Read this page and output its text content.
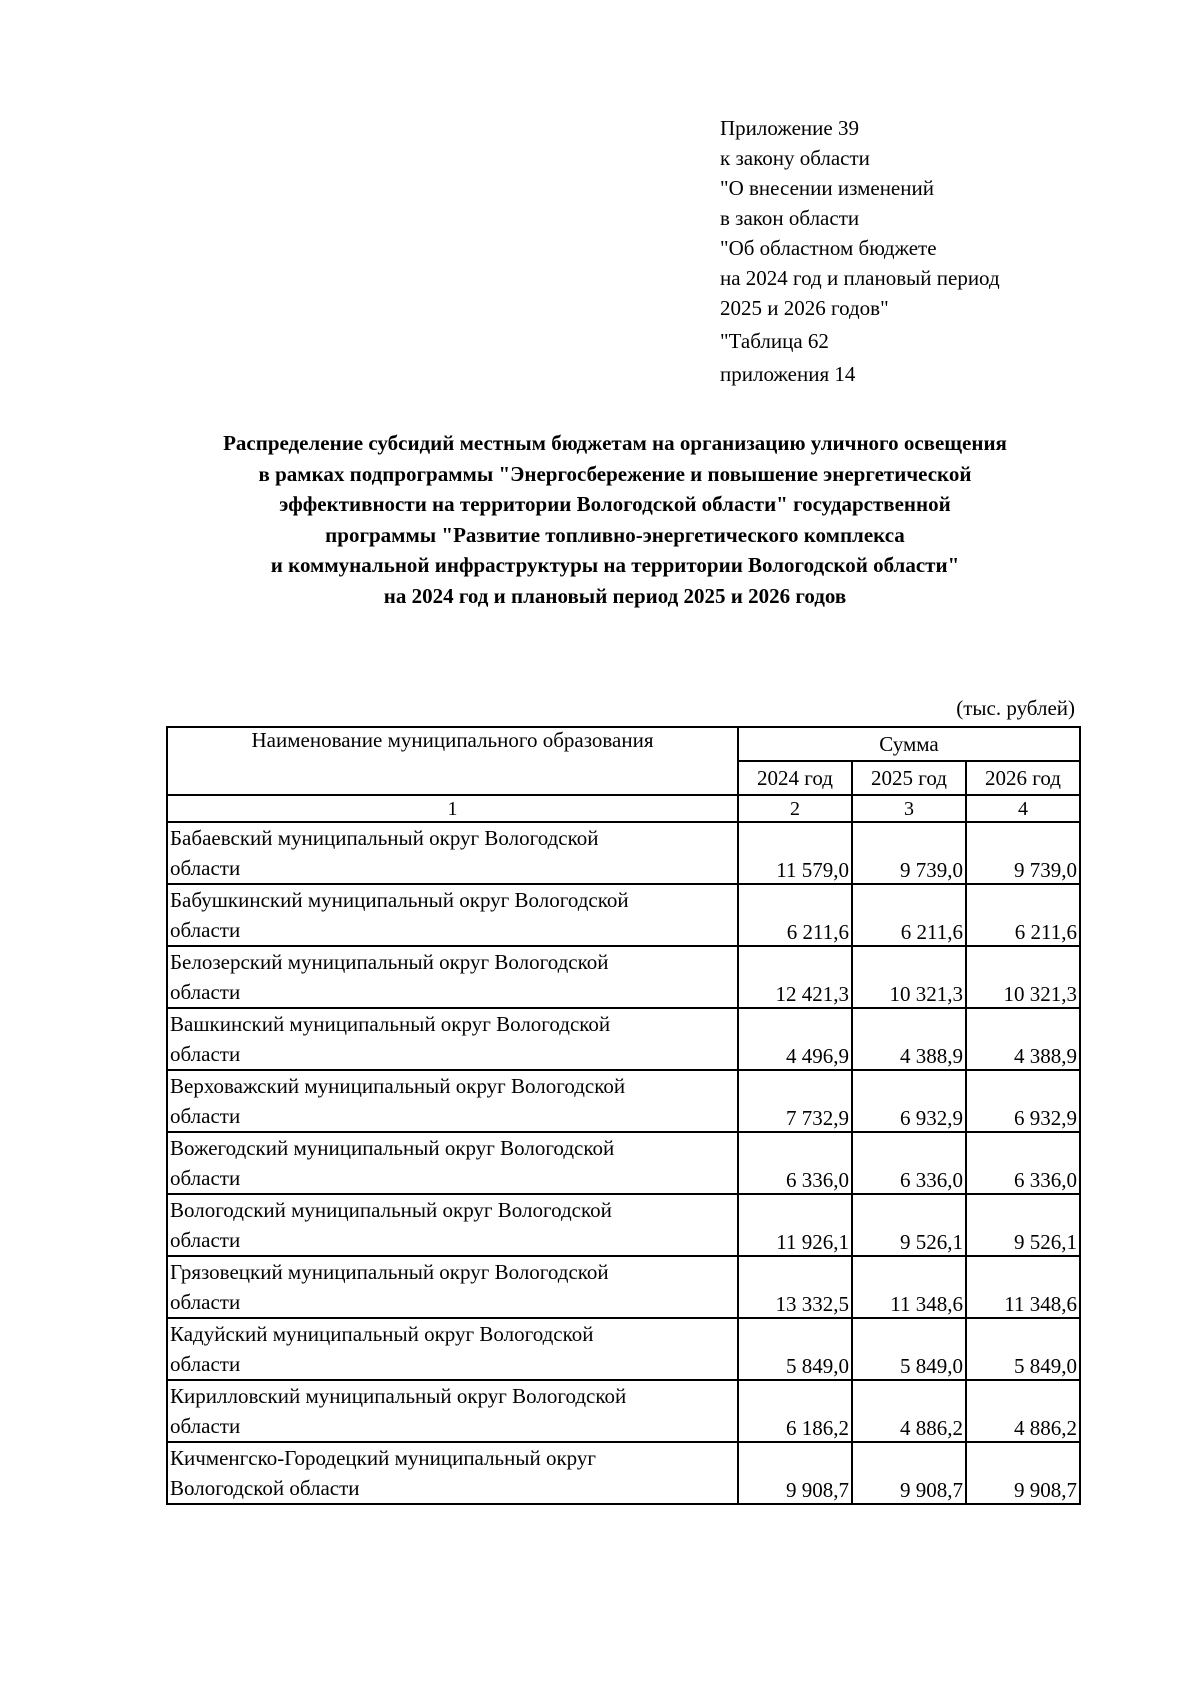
Приложение 39
к закону области
"О внесении изменений
в закон области
"Об областном бюджете
на 2024 год и плановый период
2025 и 2026 годов"
"Таблица 62
приложения 14
Распределение субсидий местным бюджетам на организацию уличного освещения
в рамках подпрограммы "Энергосбережение и повышение энергетической
эффективности на территории Вологодской области" государственной
программы "Развитие топливно-энергетического комплекса
и коммунальной инфраструктуры на территории Вологодской области"
на 2024 год и плановый период 2025 и 2026 годов
(тыс. рублей)
Наименование муниципального образования	Сумма		
	2024 год	2025 год	2026 год
1	2	3	4

Бабаевский муниципальный округ Вологодской
области	11 579,0	9 739,0	9 739,0

Бабушкинский муниципальный округ Вологодской
области	6 211,6	6 211,6	6 211,6

Белозерский муниципальный округ Вологодской
области	12 421,3	10 321,3	10 321,3

Вашкинский муниципальный округ Вологодской
области	4 496,9	4 388,9	4 388,9

Верховажский муниципальный округ Вологодской
области	7 732,9	6 932,9	6 932,9

Вожегодский муниципальный округ Вологодской
области	6 336,0	6 336,0	6 336,0

Вологодский муниципальный округ Вологодской
области	11 926,1	9 526,1	9 526,1

Грязовецкий муниципальный округ Вологодской
области	13 332,5	11 348,6	11 348,6

Кадуйский муниципальный округ Вологодской
области	5 849,0	5 849,0	5 849,0

Кирилловский муниципальный округ Вологодской
области	6 186,2	4 886,2	4 886,2

Кичменгско-Городецкий муниципальный округ
Вологодской области	9 908,7	9 908,7	9 908,7
